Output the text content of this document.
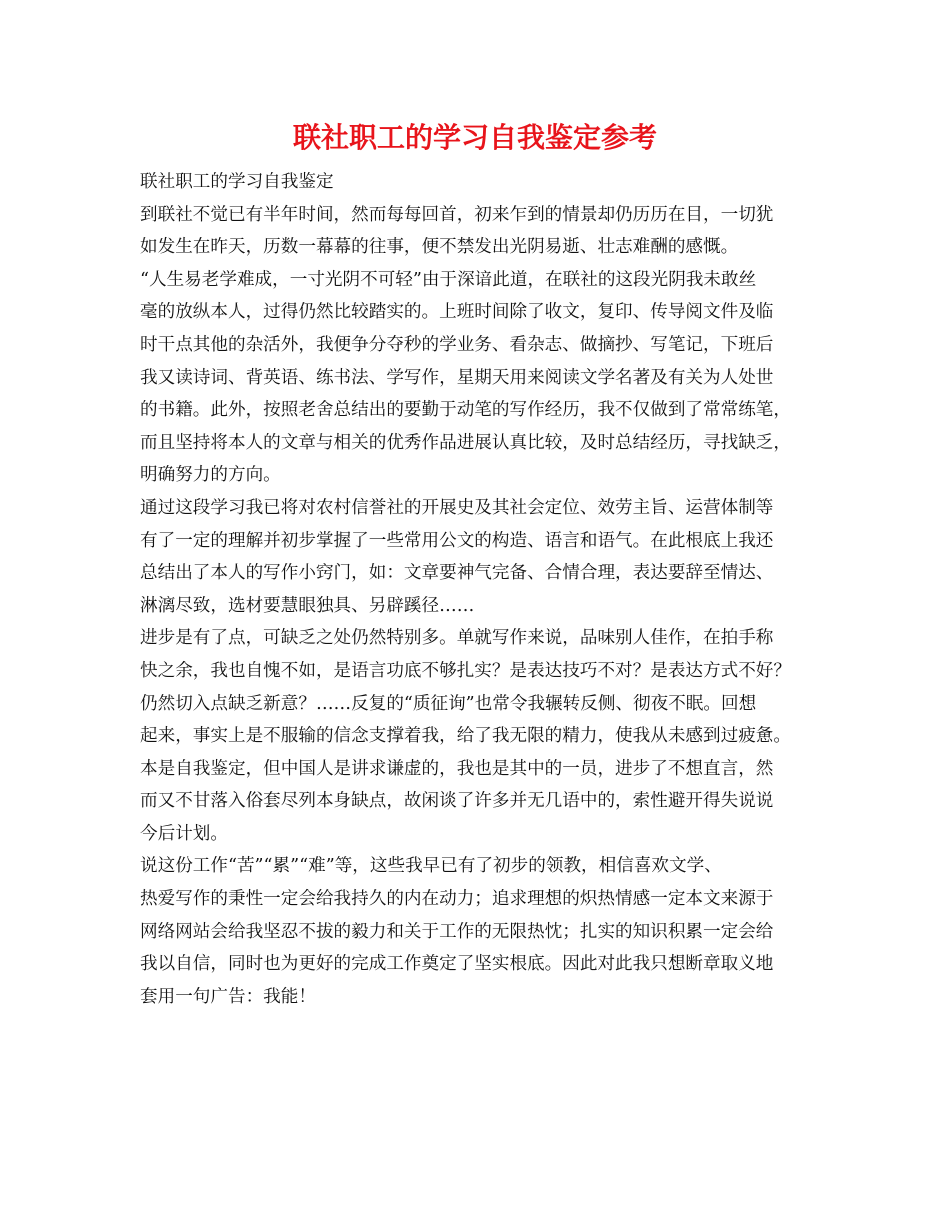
联社职工的学习自我鉴定参考
联社职工的学习自我鉴定
到联社不觉已有半年时间，然而每每回首，初来乍到的情景却仍历历在目，一切犹
如发生在昨天，历数一幕幕的往事，便不禁发出光阴易逝、壮志难酬的感慨。
“人生易老学难成，一寸光阴不可轻”由于深谙此道，在联社的这段光阴我未敢丝
毫的放纵本人，过得仍然比较踏实的。上班时间除了收文，复印、传导阅文件及临
时干点其他的杂活外，我便争分夺秒的学业务、看杂志、做摘抄、写笔记，下班后
我又读诗词、背英语、练书法、学写作，星期天用来阅读文学名著及有关为人处世
的书籍。此外，按照老舍总结出的要勤于动笔的写作经历，我不仅做到了常常练笔，
而且坚持将本人的文章与相关的优秀作品进展认真比较，及时总结经历，寻找缺乏，
明确努力的方向。
通过这段学习我已将对农村信誉社的开展史及其社会定位、效劳主旨、运营体制等
有了一定的理解并初步掌握了一些常用公文的构造、语言和语气。在此根底上我还
总结出了本人的写作小窍门，如：文章要神气完备、合情合理，表达要辞至情达、
淋漓尽致，选材要慧眼独具、另辟蹊径……
进步是有了点，可缺乏之处仍然特别多。单就写作来说，品味别人佳作，在拍手称
快之余，我也自愧不如，是语言功底不够扎实？是表达技巧不对？是表达方式不好？
仍然切入点缺乏新意？……反复的“质征询”也常令我辗转反侧、彻夜不眠。回想
起来，事实上是不服输的信念支撑着我，给了我无限的精力，使我从未感到过疲惫。
本是自我鉴定，但中国人是讲求谦虚的，我也是其中的一员，进步了不想直言，然
而又不甘落入俗套尽列本身缺点，故闲谈了许多并无几语中的，索性避开得失说说
今后计划。
说这份工作“苦”“累”“难”等，这些我早已有了初步的领教，相信喜欢文学、
热爱写作的秉性一定会给我持久的内在动力；追求理想的炽热情感一定本文来源于
网络网站会给我坚忍不拔的毅力和关于工作的无限热忱；扎实的知识积累一定会给
我以自信，同时也为更好的完成工作奠定了坚实根底。因此对此我只想断章取义地
套用一句广告：我能！
